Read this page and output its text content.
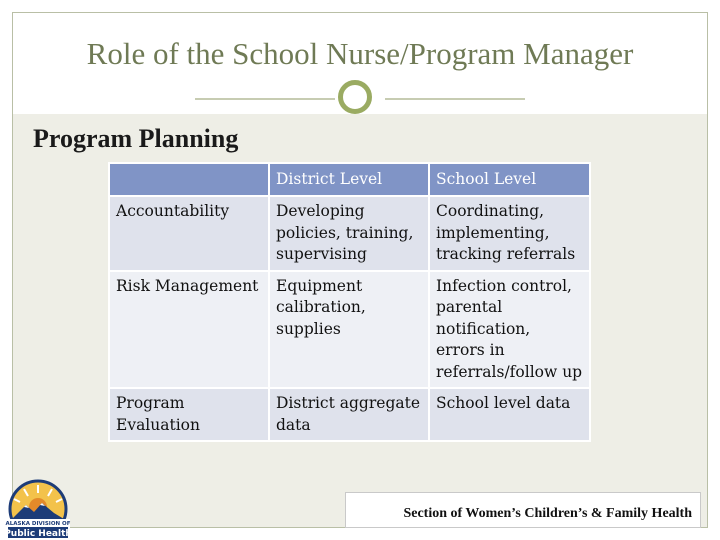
Role of the School Nurse/Program Manager
Program Planning
	District Level	School Level
Accountability	Developing policies, training, supervising	Coordinating, implementing, tracking referrals
Risk Management	Equipment calibration, supplies	Infection control, parental notification, errors in referrals/follow up
Program Evaluation	District aggregate data	School level data
ALASKA DIVISION OF
Public Health

Section of Women’s Children’s & Family Health
